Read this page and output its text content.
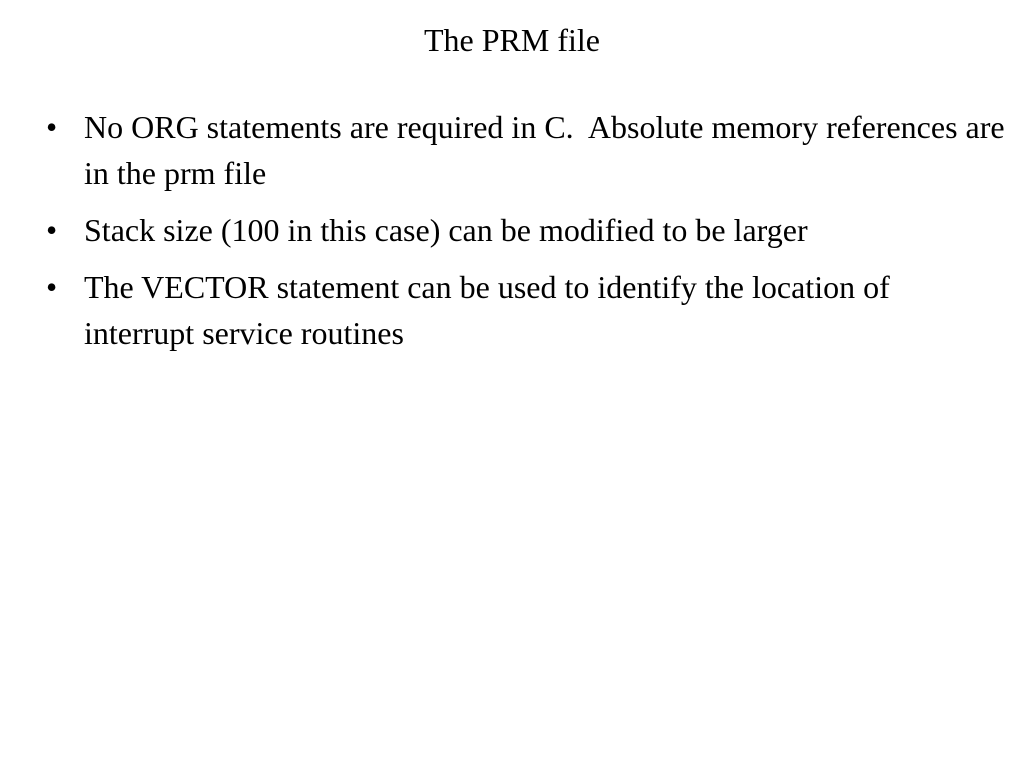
The PRM file
• No ORG statements are required in C.  Absolute memory references are in the prm file
• Stack size (100 in this case) can be modified to be larger
• The VECTOR statement can be used to identify the location of interrupt service routines
